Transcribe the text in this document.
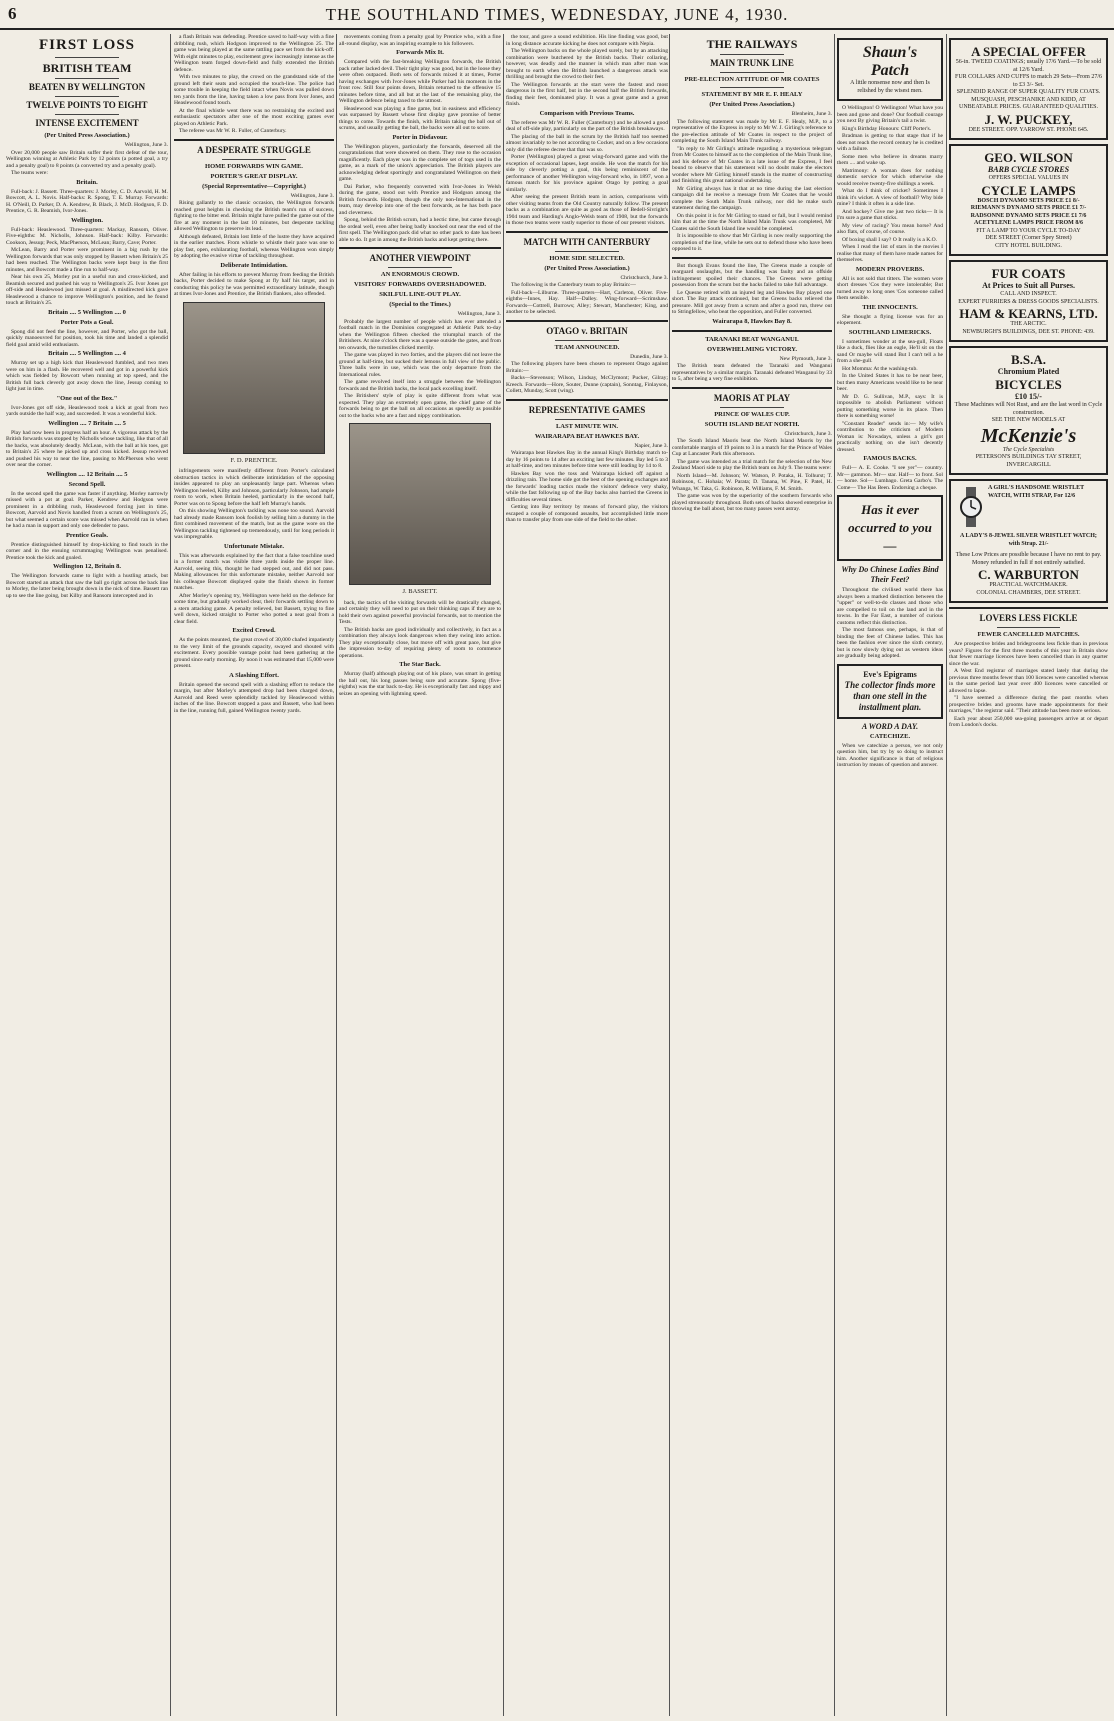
6	THE SOUTHLAND TIMES, WEDNESDAY, JUNE 4, 1930.
FIRST LOSS
BRITISH TEAM
BEATEN BY WELLINGTON
TWELVE POINTS TO EIGHT
INTENSE EXCITEMENT
(Per United Press Association.)

Wellington, June 3.

Over 20,000 people saw Britain suffer their first defeat of the tour, Wellington winning at Athletic Park by 12 points (a potted goal, a try and a penalty goal) to 8 points (a converted try and a penalty goal).

The teams were:

Britain.

Full-back: J. Bassett. Three-quarters: J. Morley, C. D. Aarvold, H. M. Bowcott, A. L. Novis. Half-backs: R. Spong, T. E. Murray. Forwards: H. O'Neill, D. Parker, D. A. Kendrew, B. Black, J. McD. Hodgson, F. D. Prentice, G. R. Beamish, Ivor-Jones.

Wellington.

Full-back: Heaslewood. Three-quarters: Mackay, Ransom, Oliver. Five-eighths: M. Nicholls, Johnson. Half-back: Kilby. Forwards: Cookson, Jessup; Peck, MacPherson, McLean; Barry, Cave; Porter.

McLean, Barry and Porter were prominent in a big rush by the Wellington forwards that was only stopped by Bassett when Britain's 25 had been reached. The Wellington backs were kept busy in the first minutes, and Bowcott made a fine run to half-way.

Near his own 25, Morley put in a useful run and cross-kicked, and Beamish secured and pushed his way to Wellington's 25. Ivor Jones got off-side and Heaslewood just missed at goal. A misdirected kick gave Heaslewood a chance to improve Wellington's position, and he found touch at Britain's 25.

Britain .... 5 Wellington .... 0
Porter Pots a Goal.

Spong did not feed the line, however, and Porter, who got the ball, quickly manoeuvred for position, took his time and landed a splendid field goal amid wild enthusiasm.

Britain .... 5 Wellington .... 4

Murray set up a high kick that Heaslewood fumbled, and two men were on him in a flash. He recovered well and got in a powerful kick which was fielded by Bowcott when running at top speed, and the British full back cleverly got away down the line, Jessup coming to light just in time.

"One out of the Box."

Ivor-Jones got off side, Heaslewood took a kick at goal from two yards outside the half way, and succeeded. It was a wonderful kick.

Wellington .... 7 Britain .... 5

Play had now been in progress half an hour. A vigorous attack by the British forwards was stopped by Nicholls whose tackling, like that of all the backs, was absolutely deadly. McLean, with the ball at his toes, got to Britain's 25 where he picked up and cross kicked. Jessup received and pushed his way to near the line, passing to McPherson who went over near the corner.

Wellington .... 12 Britain .... 5
Second Spell.

In the second spell the game was faster if anything. Morley narrowly missed with a pot at goal. Parker, Kendrew and Hodgson were prominent in a dribbling rush, Heaslewood forcing just in time. Bowcott, Aarvold and Novis handled from a scrum on Wellington's 25, but what seemed a certain score was missed when Aarvold ran in when he had a man in support and only one defender to pass.

Prentice Goals.

Prentice distinguished himself by drop-kicking to find touch in the corner and in the ensuing scrummaging Wellington was penalised. Prentice took the kick and goaled.

Wellington 12, Britain 8.

The Wellington forwards came to light with a hustling attack, but Bowcott started an attack that saw the ball go right across the back line to Morley, the latter being brought down in the nick of time. Bassett ran up to see the line going, but Kilby and Ransom intercepted and in

a flash Britain was defending. Prentice saved to half-way with a fine dribbling rush, which Hodgson improved to the Wellington 25. The game was being played at the same rattling pace set from the kick-off. With eight minutes to play, excitement grew increasingly intense as the Wellington team forged down-field and fully extended the British defence.

With two minutes to play, the crowd on the grandstand side of the ground left their seats and occupied the touch-line. The police had some trouble in keeping the field intact when Novis was pulled down ten yards from the line, having taken a low pass from Ivor Jones, and Heaslewood found touch.

At the final whistle went there was no restraining the excited and enthusiastic spectators after one of the most exciting games ever played on Athletic Park.

The referee was Mr W. R. Fuller, of Canterbury.

A DESPERATE STRUGGLE
HOME FORWARDS WIN GAME.
PORTER'S GREAT DISPLAY.
(Special Representative—Copyright.)

Wellington, June 3.

Rising gallantly to the classic occasion, the Wellington forwards reached great heights in checking the British team's run of success, fighting to the bitter end. Britain might have pulled the game out of the fire at any moment in the last 10 minutes, but desperate tackling allowed Wellington to preserve its lead.

Although defeated, Britain lost little of the lustre they have acquired in the earlier matches. From whistle to whistle their pace was one to play fast, open, exhilarating football, whereas Wellington won simply by adopting the evasive virtue of tackling throughout.

Deliberate Intimidation.

After failing in his efforts to prevent Murray from feeding the British backs, Porter decided to make Spong at fly half his target, and in conducting this policy he was permitted extraordinary latitude, though at times Ivor-Jones and Prentice, the British flankers, also offended.

F. D. PRENTICE.

infringements were manifestly different from Porter's calculated obstruction tactics in which deliberate intimidation of the opposing insides appeared to play an unpleasantly large part. Whereas when Wellington heeled, Kilby and Johnson, particularly Johnson, had ample room to work, when Britain heeled, particularly in the second half, Porter was on to Spong before the half left Murray's hands.

On this showing Wellington's tackling was none too sound. Aarvold had already made Ransom look foolish by selling him a dummy in the first combined movement of the match, but as the game wore on the Wellington tackling tightened up tremendously, until for long periods it was impregnable.

Unfortunate Mistake.

This was afterwards explained by the fact that a false touchline used in a former match was visible three yards inside the proper line. Aarvold, seeing this, thought he had stepped out, and did not pass. Making allowances for this unfortunate mistake, neither Aarvold nor his colleague Bowcott displayed quite the finish shown in former matches.

After Morley's opening try, Wellington were held on the defence for some time, but gradually worked clear, their forwards settling down to a stern attacking game. A penalty relieved, but Bassett, trying to fine well down, kicked straight to Porter who potted a neat goal from a clear field.

Excited Crowd.

As the points mounted, the great crowd of 30,000 chafed impatiently to the very limit of the grounds capacity, swayed and shouted with excitement. Every possible vantage point had been gathering at the ground since early morning. By noon it was estimated that 15,000 were present.

A Slashing Effort.

Britain opened the second spell with a slashing effort to reduce the margin, but after Morley's attempted drop had been charged down, Aarvold and Reed were splendidly tackled by Heaslewood within inches of the line. Bowcott stopped a pass and Bassett, who had been in the line, running full, gained Wellington twenty yards.

movements coming from a penalty goal by Prentice who, with a fine all-round display, was an inspiring example to his followers.

Forwards Mix It.

Compared with the fast-breaking Wellington forwards, the British pack rather lacked devil. Their tight play was good, but in the loose they were often outpaced. Both sets of forwards mixed it at times, Porter having exchanges with Ivor-Jones while Parker had his moments in the front row. Still four points down, Britain returned to the offensive 15 minutes before time, and all but at the last of the remaining play, the Wellington defence being taxed to the utmost.

Heaslewood was playing a fine game, but in easiness and efficiency was surpassed by Bassett whose first display gave promise of better things to come. Towards the finish, with Britain taking the ball out of scrums, and usually getting the ball, the backs were all out to score.

Porter in Disfavour.

The Wellington players, particularly the forwards, deserved all the congratulations that were showered on them. They rose to the occasion magnificently. Each player was in the complete set of togs used in the game, as a mark of the union's appreciation. The British players are acknowledging defeat sportingly and congratulated Wellington on their game.

Dai Parker, who frequently converted with Ivor-Jones in Welsh during the game, stood out with Prentice and Hodgson among the British forwards. Hodgson, though the only non-International in the team, may develop into one of the best forwards, as he has both pace and cleverness.

Spong, behind the British scrum, had a hectic time, but came through the ordeal well, even after being badly knocked out near the end of the first spell. The Wellington pack did what no other pack to date has been able to do. It got in among the British backs and kept getting there.

ANOTHER VIEWPOINT
AN ENORMOUS CROWD.
VISITORS' FORWARDS OVERSHADOWED.
SKILFUL LINE-OUT PLAY.
(Special to the Times.)

Wellington, June 3.

Probably the largest number of people which has ever attended a football match in the Dominion congregated at Athletic Park to-day when the Wellington fifteen checked the triumphal march of the Britishers. At nine o'clock there was a queue outside the gates, and from ten onwards, the turnstiles clicked merrily.

The game was played in two forties, and the players did not leave the ground at half-time, but sucked their lemons in full view of the public. Three balls were in use, which was the only departure from the International rules.

The game revolved itself into a struggle between the Wellington forwards and the British backs, the local pack excelling itself.

The Britishers' style of play is quite different from what was expected. They play an extremely open game, the chief game of the forwards being to get the ball on all occasions as speedily as possible out to the backs who are a fast and nippy combination.

J. BASSETT.

back, the tactics of the visiting forwards will be drastically changed, and certainly they will need to put on their thinking caps if they are to hold their own against powerful provincial forwards, not to mention the Tests.

The British backs are good individually and collectively, in fact as a combination they always look dangerous when they swing into action. They play exceptionally close, but move off with great pace, but give the impression to-day of requiring plenty of room to commence operations.

The Star Back.

Murray (half) although playing out of his place, was smart in getting the ball out, his long passes being sure and accurate. Spong (five-eighths) was the star back to-day. He is exceptionally fast and nippy and seizes an opening with lightning speed.

the tour, and gave a sound exhibition. His line finding was good, but in long distance accurate kicking he does not compare with Nepia.

The Wellington backs on the whole played surely, but by an attacking combination were butchered by the British backs. Their collaring, however, was deadly and the manner in which man after man was brought to earth when the British launched a dangerous attack was thrilling and brought the crowd to their feet.

The Wellington forwards at the start were the fastest and most dangerous in the first half, but in the second half the British forwards, finding their feet, dominated play. It was a great game and a great finish.

Comparison with Previous Teams.

The referee was Mr W. R. Fuller (Canterbury) and he allowed a good deal of off-side play, particularly on the part of the British breakaways.

The placing of the ball in the scrum by the British half too seemed almost invariably to be not according to Cocker, and on a few occasions only did the referee decree that that was so.

Porter (Wellington) played a great wing-forward game and with the exception of occasional lapses, kept onside. He won the match for his side by cleverly potting a goal, this being reminiscent of the performance of another Wellington wing-forward who, in 1897, won a famous match for his province against Otago by potting a goal similarly.

After seeing the present British team in action, comparisons with other visiting teams from the Old Country naturally follow. The present backs as a combination are quite as good as those of Bedell-Sivright's 1904 team and Harding's Anglo-Welsh team of 1908, but the forwards in those two teams were vastly superior to those of our present visitors.

MATCH WITH CANTERBURY
HOME SIDE SELECTED.
(Per United Press Association.)

Christchurch, June 3.

The following is the Canterbury team to play Britain:—

Full-back—Lilburne. Three-quarters—Hart, Carleton, Oliver. Five-eighths—Innes, Hay. Half—Dalley. Wing-forward—Scrimshaw. Forwards—Cottrell, Burrows; Alley; Stewart, Manchester; King, and another to be selected.

OTAGO v. BRITAIN
TEAM ANNOUNCED.

Dunedin, June 3.

The following players have been chosen to represent Otago against Britain:—

Backs—Stevenson; Wilson, Lindsay, McClymont; Pucker, Gilray; Kreech. Forwards—Hore, Souter, Dunne (captain), Sonntag, Finlayson, Collett, Munday, Scott (wing).

REPRESENTATIVE GAMES
LAST MINUTE WIN.
WAIRARAPA BEAT HAWKES BAY.

Napier, June 3.

Wairarapa beat Hawkes Bay in the annual King's Birthday match to-day by 16 points to 14 after an exciting last few minutes. Bay led 5 to 3 at half-time, and ten minutes before time were still leading by 14 to 8.

Hawkes Bay won the toss and Wairarapa kicked off against a drizzling rain. The home side got the best of the opening exchanges and the forwards' loading tactics made the visitors' defence very shaky, while the fast following up of the Bay backs also harried the Greens in difficulties several times.

Getting into Bay territory by means of forward play, the visitors escaped a couple of compound assaults, but accomplished little more than to transfer play from one side of the field to the other.

THE RAILWAYS
MAIN TRUNK LINE
PRE-ELECTION ATTITUDE OF MR COATES
STATEMENT BY MR E. F. HEALY
(Per United Press Association.)

Blenheim, June 3.

The following statement was made by Mr E. F. Healy, M.P., to a representative of the Express in reply to Mr W. J. Girling's reference to the pre-election attitude of Mr Coates in respect to the project of completing the South Island Main Trunk railway.

"In reply to Mr Girling's attitude regarding a mysterious telegram from Mr Coates to himself as to the completion of the Main Trunk line, and his defence of Mr Coates in a late issue of the Express, I feel bound to observe that his statement will no doubt make the electors wonder where Mr Girling himself stands in the matter of constructing and finishing this great national undertaking.

Mr Girling always has it that at no time during the last election campaign did he receive a message from Mr Coates that he would complete the South Main Trunk railway, nor did he make such statement during the campaign.

On this point it is for Mr Girling to stand or fall, but I would remind him that at the time the North Island Main Trunk was completed, Mr Coates said the South Island line would be completed.

It is impossible to show that Mr Girling is now really supporting the completion of the line, while he sets out to defend those who have been opposed to it.

But though Evans found the line, The Greens made a couple of rearguard onslaughts, but the handling was faulty and an offside infringement spoiled their chances. The Greens were getting possession from the scrum but the backs failed to take full advantage.

Le Quesne retired with an injured leg and Hawkes Bay played one short. The Bay attack continued, but the Greens backs relieved the pressure. Mill got away from a scrum and after a good run, threw out to Stringfellow, who beat the opposition, and Fuller converted.

Wairarapa 8, Hawkes Bay 8.
TARANAKI BEAT WANGANUI.
OVERWHELMING VICTORY.

New Plymouth, June 3.

The British team defeated the Taranaki and Wanganui representatives by a similar margin. Taranaki defeated Wanganui by 33 to 5, after being a very fine exhibition.

MAORIS AT PLAY
PRINCE OF WALES CUP.
SOUTH ISLAND BEAT NORTH.

Christchurch, June 3.

The South Island Maoris beat the North Island Maoris by the comfortable margin of 19 points to 3 in a match for the Prince of Wales Cup at Lancaster Park this afternoon.

The game was intended as a trial match for the selection of the New Zealand Maori side to play the British team on July 9. The teams were:

North Island—M. Johnson; W. Watson, P. Potaka, H. Tolhurst; T. Robinson, C. Hohaia; W. Parata; D. Tanana, W. Pine, F. Patel, H. Whanga, W. Taka, G. Robinson, R. Williams, F. M. Smith.

The game was won by the superiority of the southern forwards who played strenuously throughout. Both sets of backs showed enterprise in throwing the ball about, but too many passes went astray.

Shaun's Patch
A little nonsense now and then Is relished by the wisest men.

O Wellington! O Wellington! What have you been and gone and done? Our football courage you next By giving Britain's tail a twist.

King's Birthday Honours: Cliff Porter's.

Bradman is getting to that stage that if he does not reach the record century he is credited with a failure.

Some men who believe in dreams marry them .... and wake up.

Matrimony: A woman does for nothing domestic service for which otherwise she would receive twenty-five shillings a week.

What do I think of cricket? Sometimes I think it's wicket. A view of football? Why bide mine? I think it often is a side line.

And hockey? Give me just two ticks— It is I'm sure a game that sticks.

My view of racing? You mean horse? And also flats, of course, of course.

Of boxing shall I say? O It really is a K.O.

When I read the list of stars in the movies I realise that many of them have made names for themselves.

MODERN PROVERBS.

All is not sold that titters. The women wore short dresses 'Cos they were intolerable; But turned away to long ones 'Cos someone called them sensible.

THE INNOCENTS.

She thought a flying license was for an elopement.

SOUTHLAND LIMERICKS.

I sometimes wonder at the sea-gull, Floats like a duck, flies like an eagle, He'll sit on the sand Or maybe will stand But I can't tell a he from a she-gull.

Hot Momma: At the washing-tub.

In the United States it has to be near beer, but then many Americans would like to be near beer.

Mr D. G. Sullivan, M.P., says: It is impossible to abolish Parliament without putting something worse in its place. Then there is something worse!

"Constant Reader" sends in:— My wife's contribution to the criticism of Modern Woman is: Nowadays, unless a girl's got practically nothing on she isn't decently dressed.

FAMOUS BACKS.

Full— A. E. Cooke. "I see yer"— country. Mr— gammon. Mr— star. Half— to front. Sol— home. Sol— Lumbago. Greta Garbo's. The Come— The Has Been. Endorsing a cheque.

Has it ever occurred to you—
Why Do Chinese Ladies Bind Their Feet?

Throughout the civilised world there has always been a marked distinction between the "upper" or well-to-do classes and those who are compelled to toil on the land and in the towns. In the Far East, a number of curious customs reflect this distinction.

The most famous one, perhaps, is that of binding the feet of Chinese ladies. This has been the fashion ever since the sixth century, but is now slowly dying out as western ideas are gradually being adopted.

Eve's Epigrams
The collector finds more than one stell in the installment plan.
A WORD A DAY.
CATECHIZE.

When we catechize a person, we not only question him, but try by so doing to instruct him. Another significance is that of religious instruction by means of question and answer.

A SPECIAL OFFER
56-in. TWEED COATINGS; usually 17/6 Yard.—To be sold at 12/6 Yard.
FUR COLLARS AND CUFFS to match 29 Sets—From 27/6 to £3 3/- Set.
SPLENDID RANGE OF SUPER QUALITY FUR COATS.
MUSQUASH, PESCHANIKE AND KIDD, AT UNBEATABLE PRICES. GUARANTEED QUALITIES.
J. W. PUCKEY,
DEE STREET. OPP. YARROW ST. PHONE 645.
GEO. WILSON
BARB CYCLE STORES
OFFERS SPECIAL VALUES IN
CYCLE LAMPS
BOSCH DYNAMO SETS PRICE £1 8/-
RIEMANN'S DYNAMO SETS PRICE £1 7/-
RADSONNE DYNAMO SETS PRICE £1 7/6
ACETYLENE LAMPS PRICE FROM 8/6
FIT A LAMP TO YOUR CYCLE TO-DAY
DEE STREET (Corner Spey Street)
CITY HOTEL BUILDING.
FUR COATS
At Prices to Suit all Purses.
CALL AND INSPECT.
EXPERT FURRIERS & DRESS GOODS SPECIALISTS.
HAM & KEARNS, LTD.
THE ARCTIC.
NEWBURGH'S BUILDINGS, DEE ST. PHONE: 439.
B.S.A.
Chromium Plated
BICYCLES
£10 15/-
These Machines will Not Rust, and are the last word in Cycle construction.
SEE THE NEW MODELS AT
McKenzie's
The Cycle Specialists
PETERSON'S BUILDINGS TAY STREET, INVERCARGILL
A GIRL'S HANDSOME WRISTLET WATCH, WITH STRAP, For 12/6
A LADY'S 8-JEWEL SILVER WRISTLET WATCH; with Strap. 21/-
These Low Prices are possible because I have no rent to pay. Money refunded in full if not entirely satisfied.
C. WARBURTON
PRACTICAL WATCHMAKER.
COLONIAL CHAMBERS, DEE STREET.
LOVERS LESS FICKLE
FEWER CANCELLED MATCHES.

Are prospective brides and bridegrooms less fickle than in previous years? Figures for the first three months of this year in Britain show that fewer marriage licences have been cancelled than in any quarter since the war.

A West End registrar of marriages stated lately that during the previous three months fewer than 100 licences were cancelled whereas in the same period last year over 400 licences were cancelled or allowed to lapse.

"I have seemed a difference during the past months when prospective brides and grooms have made appointments for their marriages," the registrar said. "Their attitude has been more serious.

Each year about 250,000 sea-going passengers arrive at or depart from London's docks.
